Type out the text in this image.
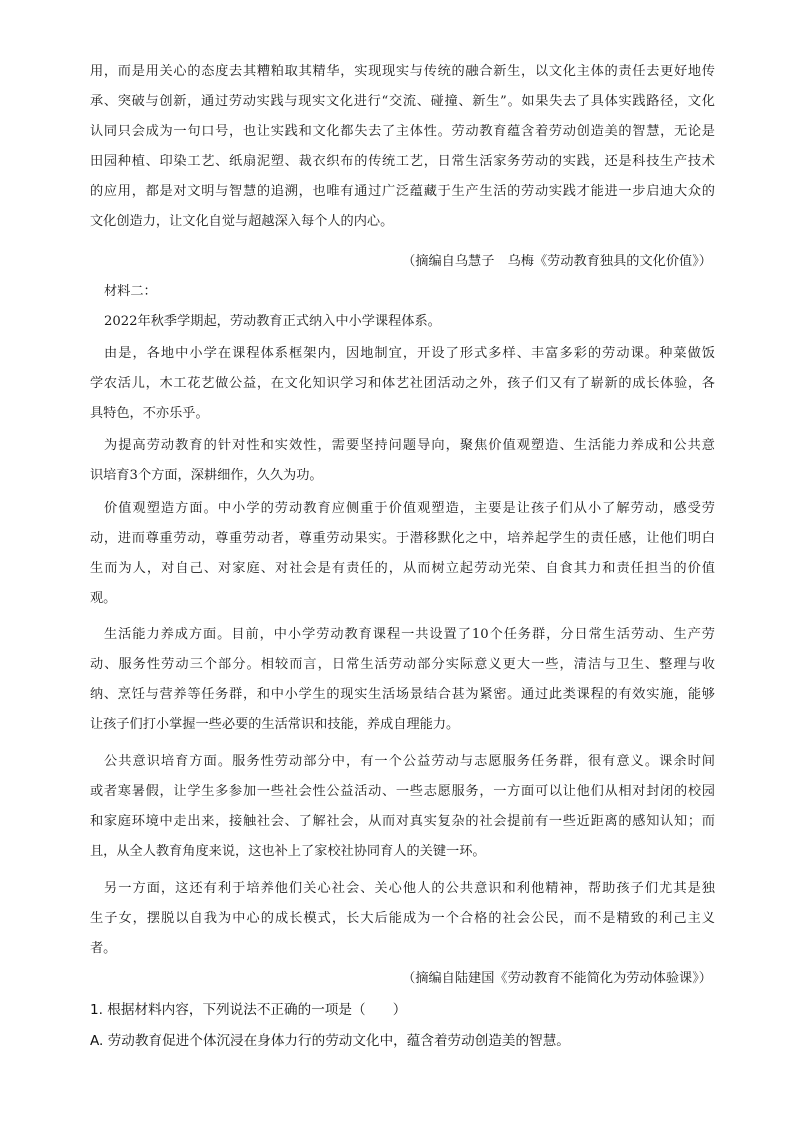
用，而是用关心的态度去其糟粕取其精华，实现现实与传统的融合新生，以文化主体的责任去更好地传
承、突破与创新，通过劳动实践与现实文化进行“交流、碰撞、新生”。如果失去了具体实践路径，文化
认同只会成为一句口号，也让实践和文化都失去了主体性。劳动教育蕴含着劳动创造美的智慧，无论是
田园种植、印染工艺、纸扇泥塑、裁衣织布的传统工艺，日常生活家务劳动的实践，还是科技生产技术
的应用，都是对文明与智慧的追溯，也唯有通过广泛蕴藏于生产生活的劳动实践才能进一步启迪大众的
文化创造力，让文化自觉与超越深入每个人的内心。
（摘编自乌慧子　乌梅《劳动教育独具的文化价值》）
材料二：
2022年秋季学期起，劳动教育正式纳入中小学课程体系。
由是，各地中小学在课程体系框架内，因地制宜，开设了形式多样、丰富多彩的劳动课。种菜做饭
学农活儿，木工花艺做公益，在文化知识学习和体艺社团活动之外，孩子们又有了崭新的成长体验，各
具特色，不亦乐乎。
为提高劳动教育的针对性和实效性，需要坚持问题导向，聚焦价值观塑造、生活能力养成和公共意
识培育3个方面，深耕细作，久久为功。
价值观塑造方面。中小学的劳动教育应侧重于价值观塑造，主要是让孩子们从小了解劳动，感受劳
动，进而尊重劳动，尊重劳动者，尊重劳动果实。于潜移默化之中，培养起学生的责任感，让他们明白
生而为人，对自己、对家庭、对社会是有责任的，从而树立起劳动光荣、自食其力和责任担当的价值
观。
生活能力养成方面。目前，中小学劳动教育课程一共设置了10个任务群，分日常生活劳动、生产劳
动、服务性劳动三个部分。相较而言，日常生活劳动部分实际意义更大一些，清洁与卫生、整理与收
纳、烹饪与营养等任务群，和中小学生的现实生活场景结合甚为紧密。通过此类课程的有效实施，能够
让孩子们打小掌握一些必要的生活常识和技能，养成自理能力。
公共意识培育方面。服务性劳动部分中，有一个公益劳动与志愿服务任务群，很有意义。课余时间
或者寒暑假，让学生多参加一些社会性公益活动、一些志愿服务，一方面可以让他们从相对封闭的校园
和家庭环境中走出来，接触社会、了解社会，从而对真实复杂的社会提前有一些近距离的感知认知；而
且，从全人教育角度来说，这也补上了家校社协同育人的关键一环。
另一方面，这还有利于培养他们关心社会、关心他人的公共意识和利他精神，帮助孩子们尤其是独
生子女，摆脱以自我为中心的成长模式，长大后能成为一个合格的社会公民，而不是精致的利己主义
者。
（摘编自陆建国《劳动教育不能简化为劳动体验课》）
1. 根据材料内容，下列说法不正确的一项是（　　）
A. 劳动教育促进个体沉浸在身体力行的劳动文化中，蕴含着劳动创造美的智慧。
